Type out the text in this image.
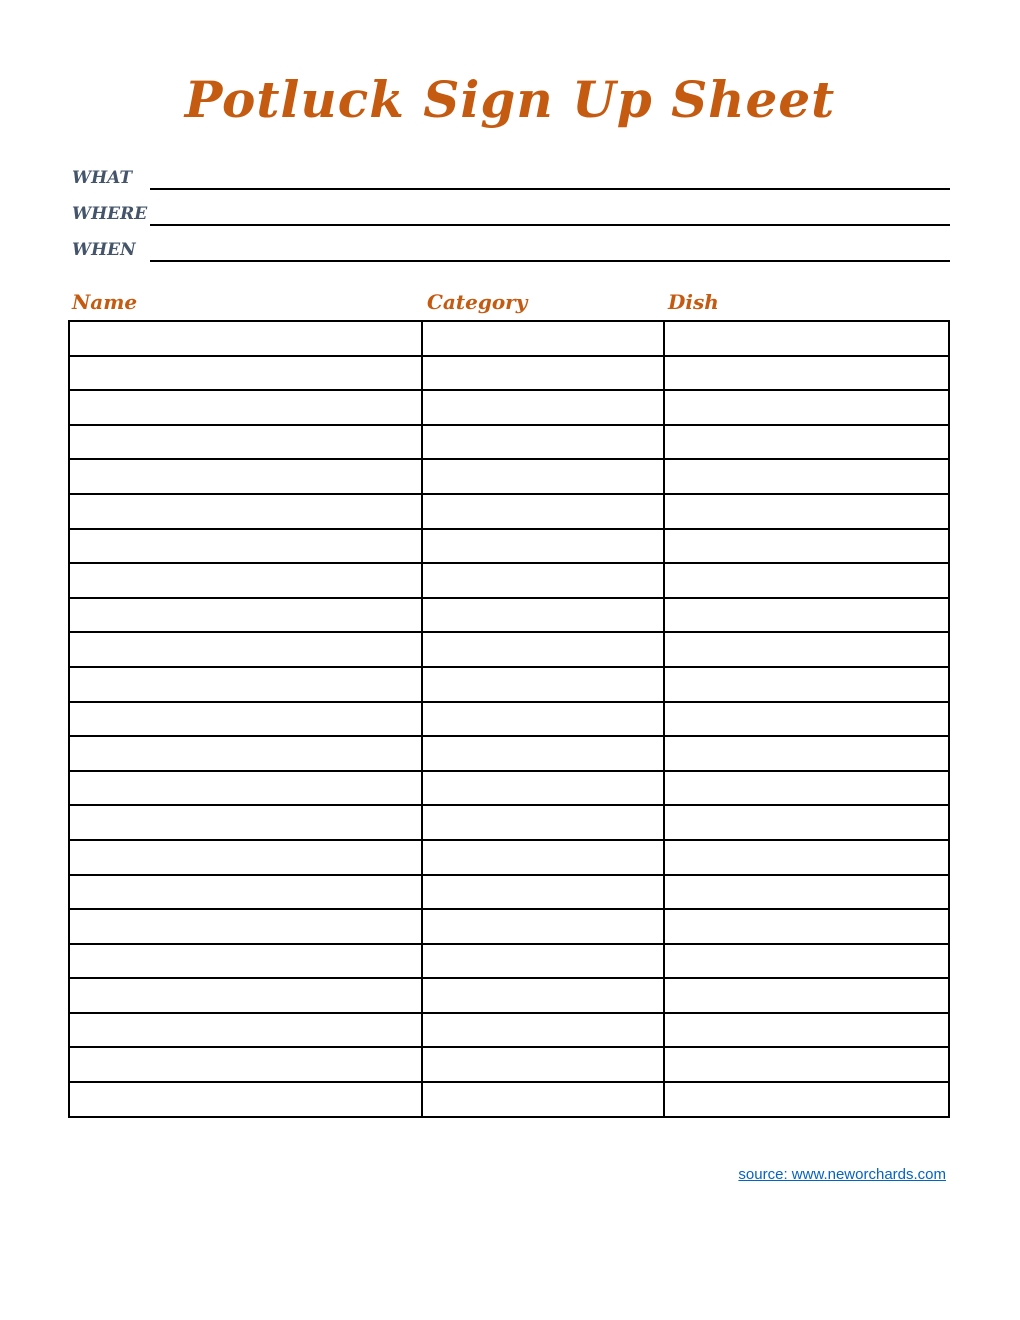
Potluck Sign Up Sheet
WHAT
WHERE
WHEN
Name	Category	Dish

source: www.neworchards.com
